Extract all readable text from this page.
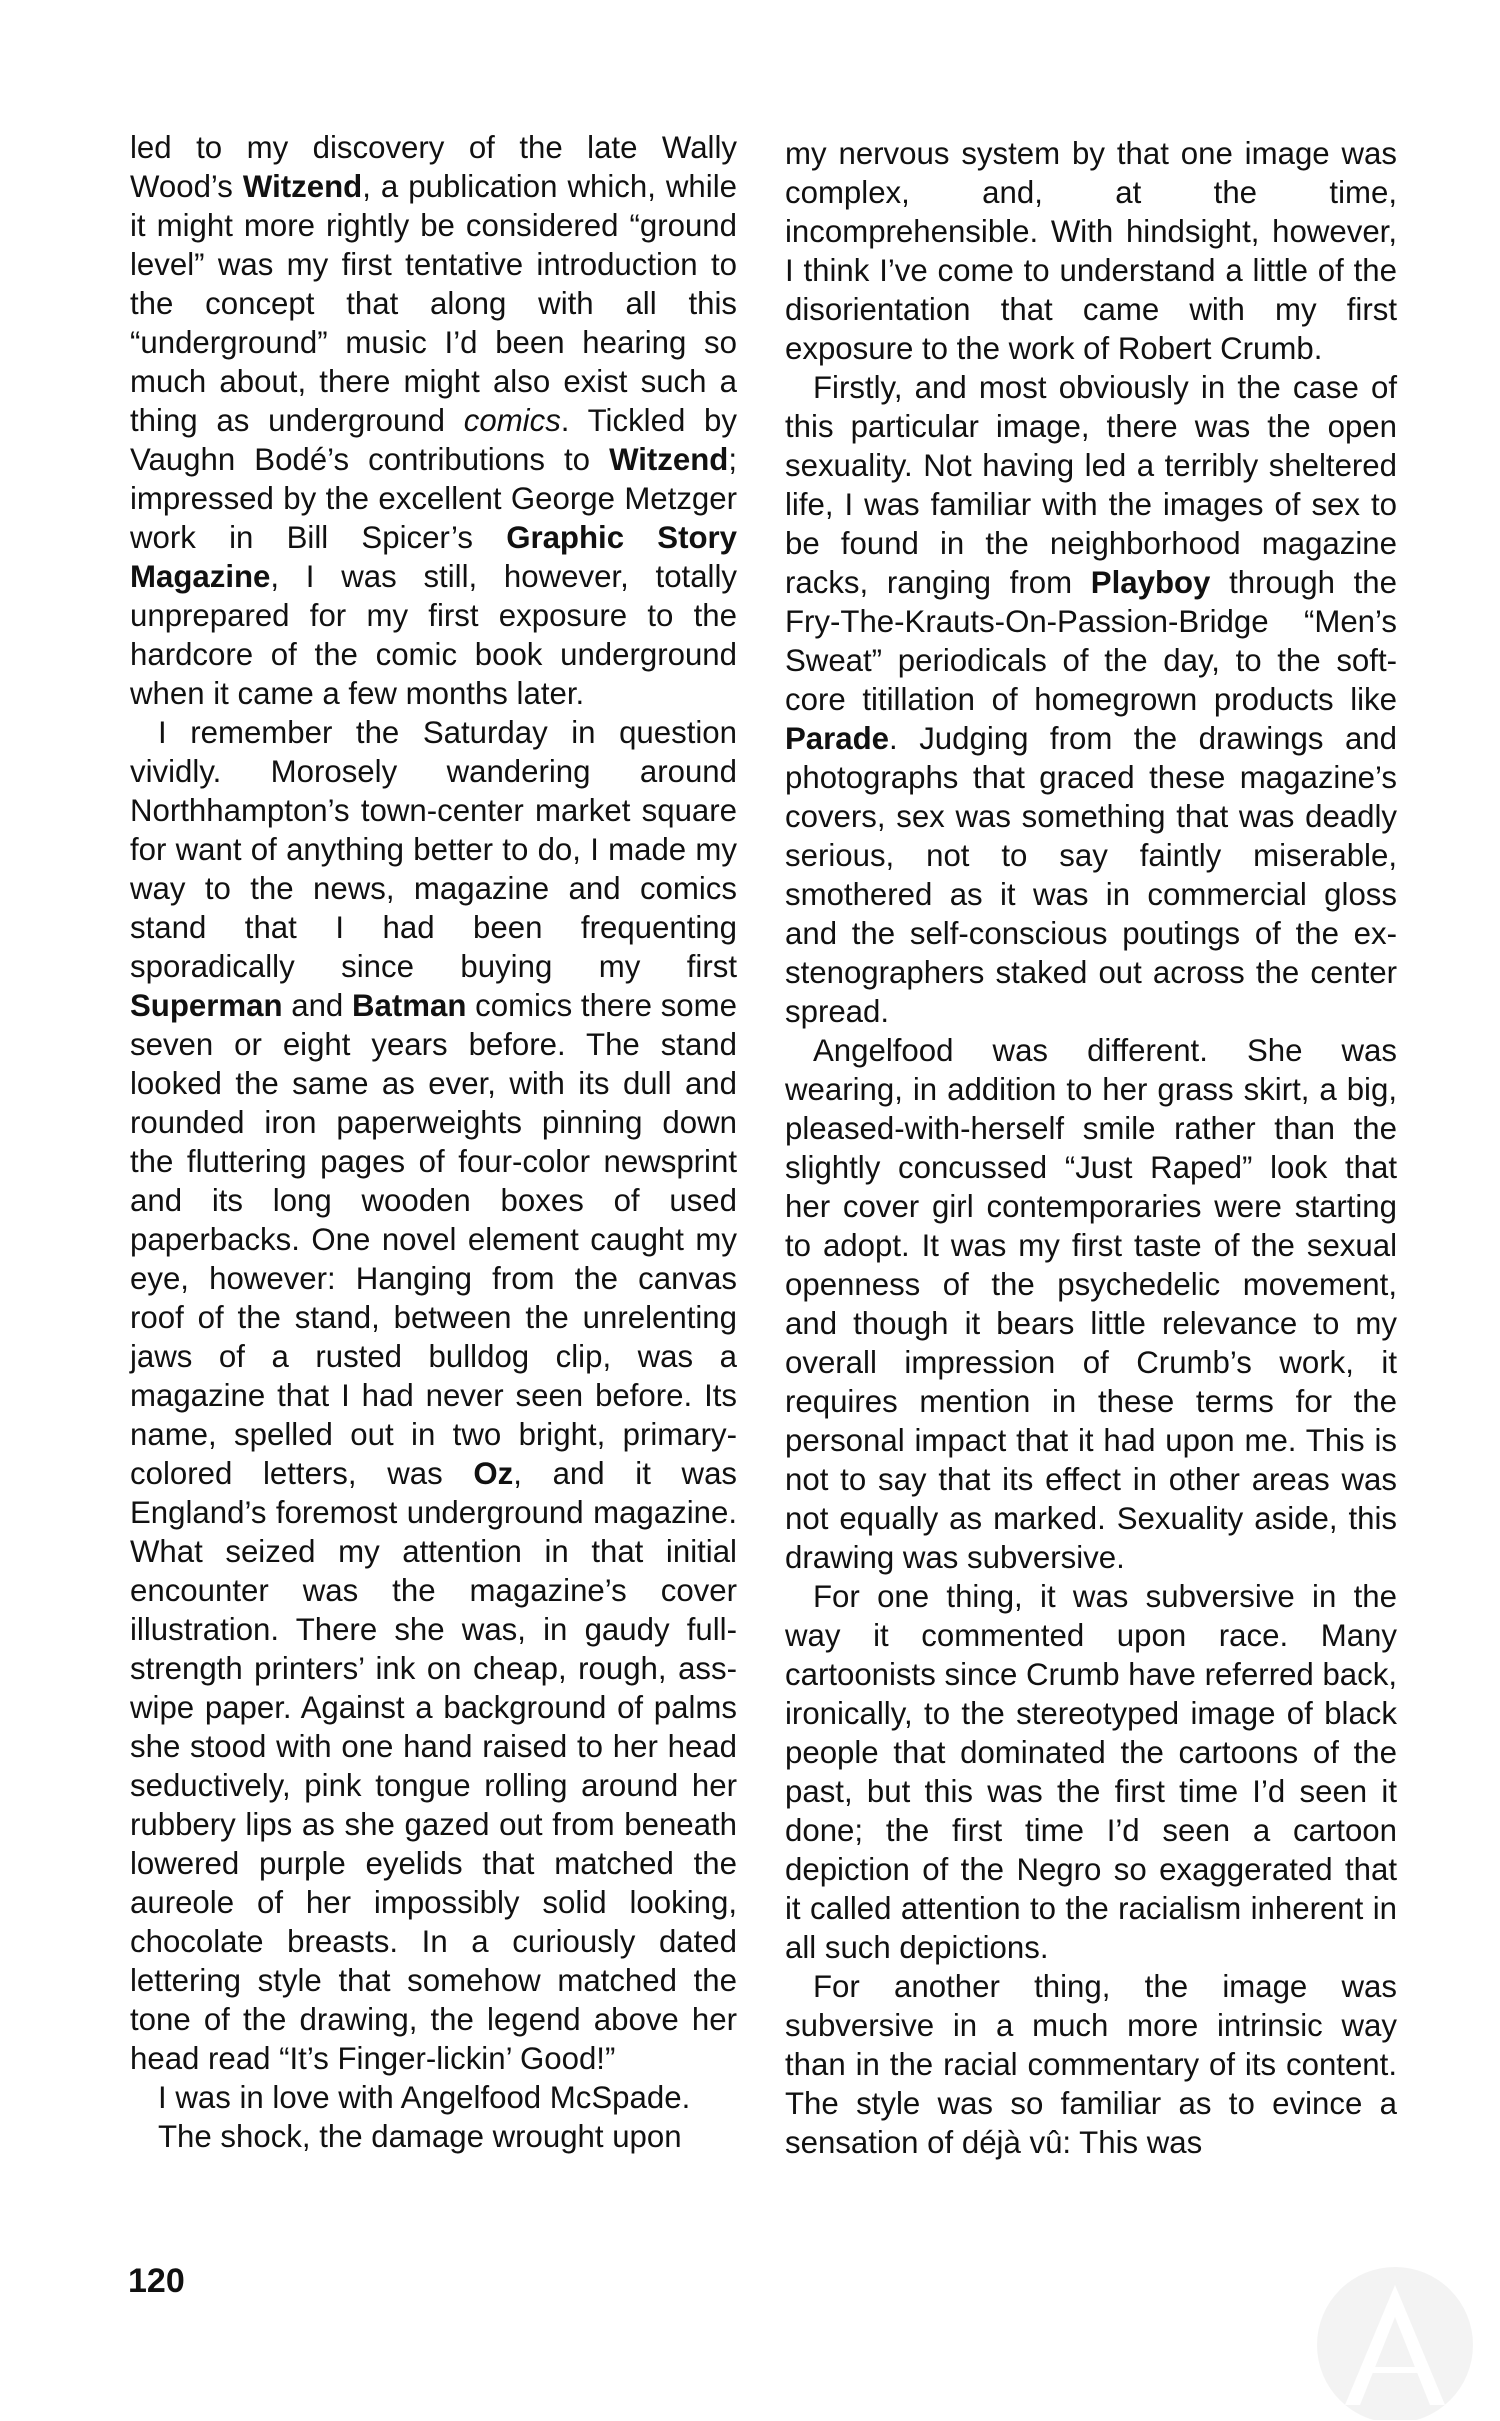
led to my discovery of the late Wally Wood’s Witzend, a publication which, while it might more rightly be considered “ground level” was my first tentative introduction to the concept that along with all this “underground” music I’d been hearing so much about, there might also exist such a thing as underground comics. Tickled by Vaughn Bodé’s contributions to Witzend; impressed by the excellent George Metzger work in Bill Spicer’s Graphic Story Magazine, I was still, however, totally unprepared for my first exposure to the hardcore of the comic book underground when it came a few months later.

I remember the Saturday in question vividly. Morosely wandering around Northhampton’s town-center market square for want of anything better to do, I made my way to the news, magazine and comics stand that I had been frequenting sporadically since buying my first Superman and Batman comics there some seven or eight years before. The stand looked the same as ever, with its dull and rounded iron paperweights pinning down the fluttering pages of four-color newsprint and its long wooden boxes of used paperbacks. One novel element caught my eye, however: Hanging from the canvas roof of the stand, between the unrelenting jaws of a rusted bulldog clip, was a magazine that I had never seen before. Its name, spelled out in two bright, primary-colored letters, was Oz, and it was England’s foremost underground magazine. What seized my attention in that initial encounter was the magazine’s cover illustration. There she was, in gaudy full-strength printers’ ink on cheap, rough, ass-wipe paper. Against a background of palms she stood with one hand raised to her head seductively, pink tongue rolling around her rubbery lips as she gazed out from beneath lowered purple eyelids that matched the aureole of her impossibly solid looking, chocolate breasts. In a curiously dated lettering style that somehow matched the tone of the drawing, the legend above her head read “It’s Finger-lickin’ Good!”

I was in love with Angelfood McSpade.

The shock, the damage wrought upon

my nervous system by that one image was complex, and, at the time, incomprehensible. With hindsight, however, I think I’ve come to understand a little of the disorientation that came with my first exposure to the work of Robert Crumb.

Firstly, and most obviously in the case of this particular image, there was the open sexuality. Not having led a terribly sheltered life, I was familiar with the images of sex to be found in the neighborhood magazine racks, ranging from Playboy through the Fry-The-Krauts-On-Passion-Bridge “Men’s Sweat” periodicals of the day, to the soft-core titillation of homegrown products like Parade. Judging from the drawings and photographs that graced these magazine’s covers, sex was something that was deadly serious, not to say faintly miserable, smothered as it was in commercial gloss and the self-conscious poutings of the ex-stenographers staked out across the center spread.

Angelfood was different. She was wearing, in addition to her grass skirt, a big, pleased-with-herself smile rather than the slightly concussed “Just Raped” look that her cover girl contemporaries were starting to adopt. It was my first taste of the sexual openness of the psychedelic movement, and though it bears little relevance to my overall impression of Crumb’s work, it requires mention in these terms for the personal impact that it had upon me. This is not to say that its effect in other areas was not equally as marked. Sexuality aside, this drawing was subversive.

For one thing, it was subversive in the way it commented upon race. Many cartoonists since Crumb have referred back, ironically, to the stereotyped image of black people that dominated the cartoons of the past, but this was the first time I’d seen it done; the first time I’d seen a cartoon depiction of the Negro so exaggerated that it called attention to the racialism inherent in all such depictions.

For another thing, the image was subversive in a much more intrinsic way than in the racial commentary of its content. The style was so familiar as to evince a sensation of déjà vû: This was

120
